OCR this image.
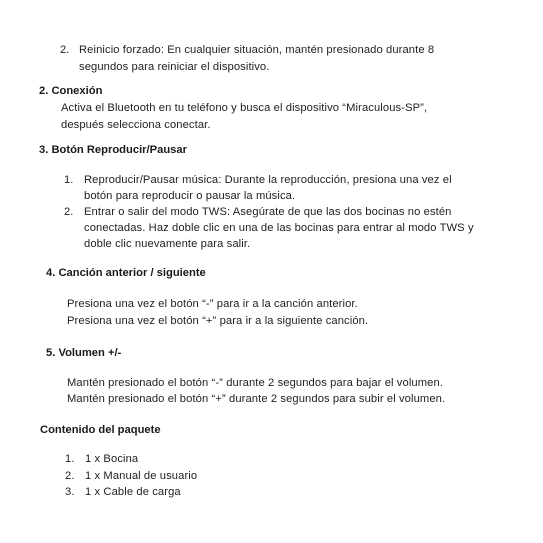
2. Reinicio forzado: En cualquier situación, mantén presionado durante 8
segundos para reiniciar el dispositivo.
2. Conexión
Activa el Bluetooth en tu teléfono y busca el dispositivo “Miraculous-SP”,
después selecciona conectar.
3. Botón Reproducir/Pausar
1. Reproducir/Pausar música: Durante la reproducción, presiona una vez el
botón para reproducir o pausar la música.
2. Entrar o salir del modo TWS: Asegúrate de que las dos bocinas no estén
conectadas. Haz doble clic en una de las bocinas para entrar al modo TWS y
doble clic nuevamente para salir.
4. Canción anterior / siguiente
Presiona una vez el botón “-” para ir a la canción anterior.
Presiona una vez el botón “+” para ir a la siguiente canción.
5. Volumen +/-
Mantén presionado el botón “-” durante 2 segundos para bajar el volumen.
Mantén presionado el botón “+” durante 2 segundos para subir el volumen.
Contenido del paquete
1. 1 x Bocina
2. 1 x Manual de usuario
3. 1 x Cable de carga
